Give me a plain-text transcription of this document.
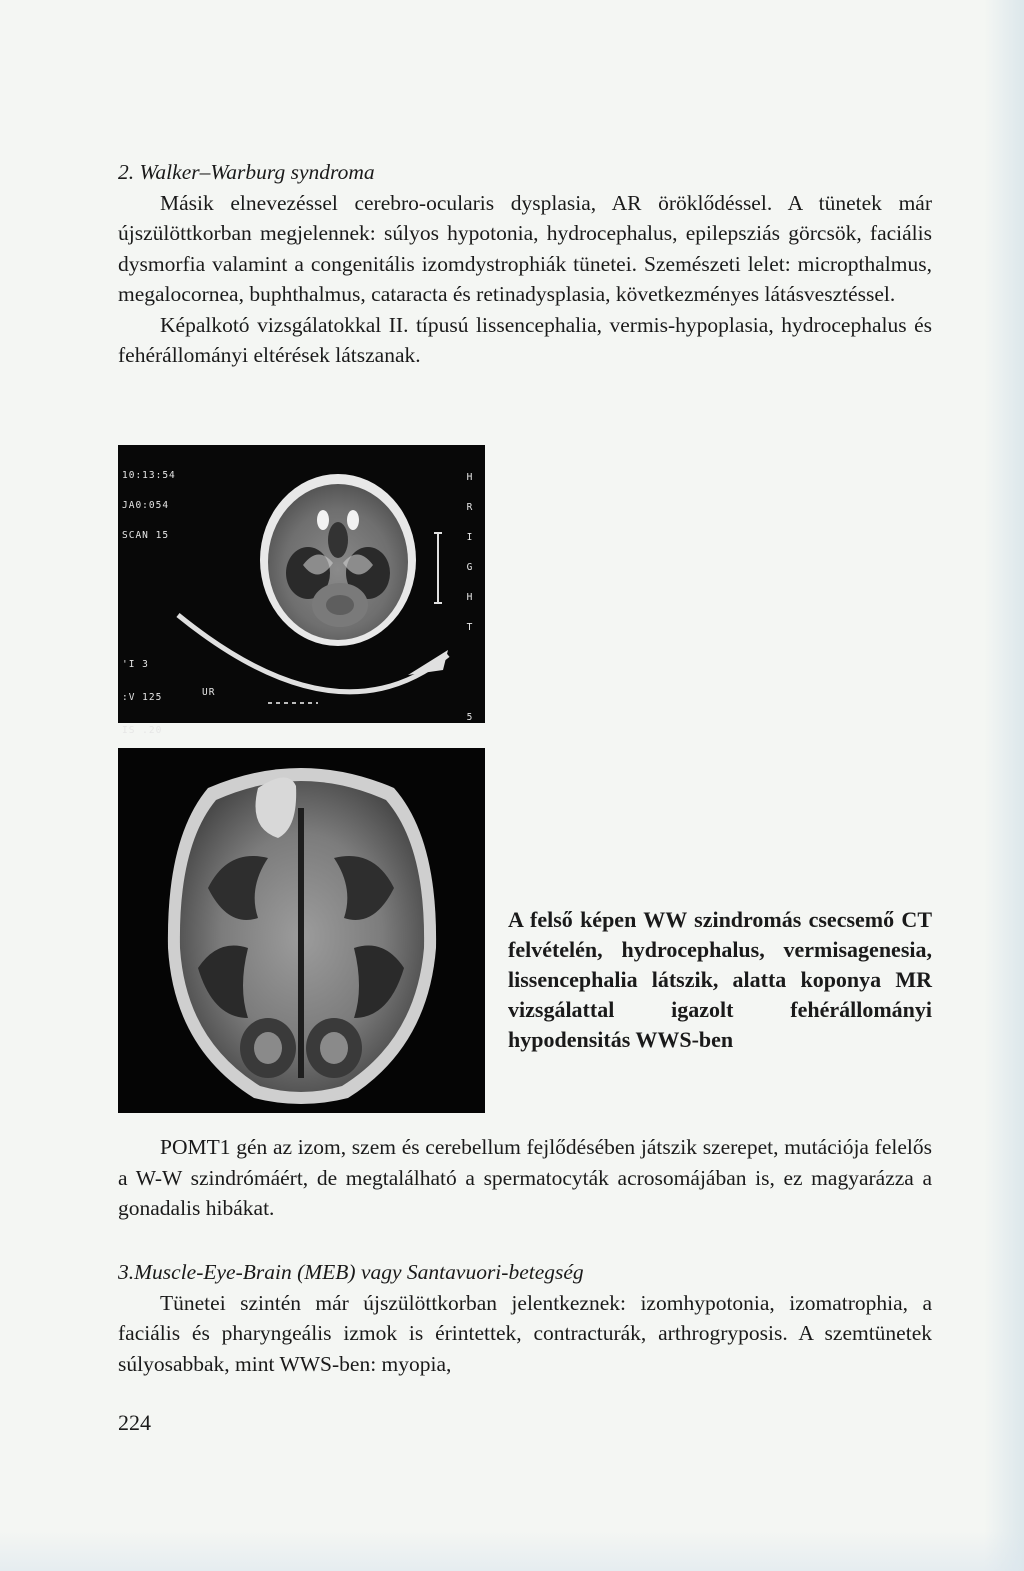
2. Walker–Warburg syndroma

Másik elnevezéssel cerebro-ocularis dysplasia, AR öröklődéssel. A tünetek már újszülöttkorban megjelennek: súlyos hypotonia, hydrocephalus, epilepsziás görcsök, faciális dysmorfia valamint a congenitális izomdystrophiák tünetei. Szemészeti lelet: micropthalmus, megalocornea, buphthalmus, cataracta és retinadysplasia, következményes látásvesztéssel.

Képalkotó vizsgálatokkal II. típusú lissencephalia, vermis-hypoplasia, hydrocephalus és fehérállományi eltérések látszanak.

10:13:54

JA0:054

SCAN 15

H

R

I

G

H

T

5

'I 3

:V 125

IS .20

UR
A felső képen WW szindromás csecsemő CT felvételén, hydrocephalus, vermisagenesia, lissencephalia látszik, alatta koponya MR vizsgálattal igazolt fehérállományi hypodensitás WWS-ben

POMT1 gén az izom, szem és cerebellum fejlődésében játszik szerepet, mutációja felelős a W-W szindrómáért, de megtalálható a spermatocyták acrosomájában is, ez magyarázza a gonadalis hibákat.

3.Muscle-Eye-Brain (MEB) vagy Santavuori-betegség

Tünetei szintén már újszülöttkorban jelentkeznek: izomhypotonia, izomatrophia, a faciális és pharyngeális izmok is érintettek, contracturák, arthrogryposis. A szemtünetek súlyosabbak, mint WWS-ben: myopia,

224
